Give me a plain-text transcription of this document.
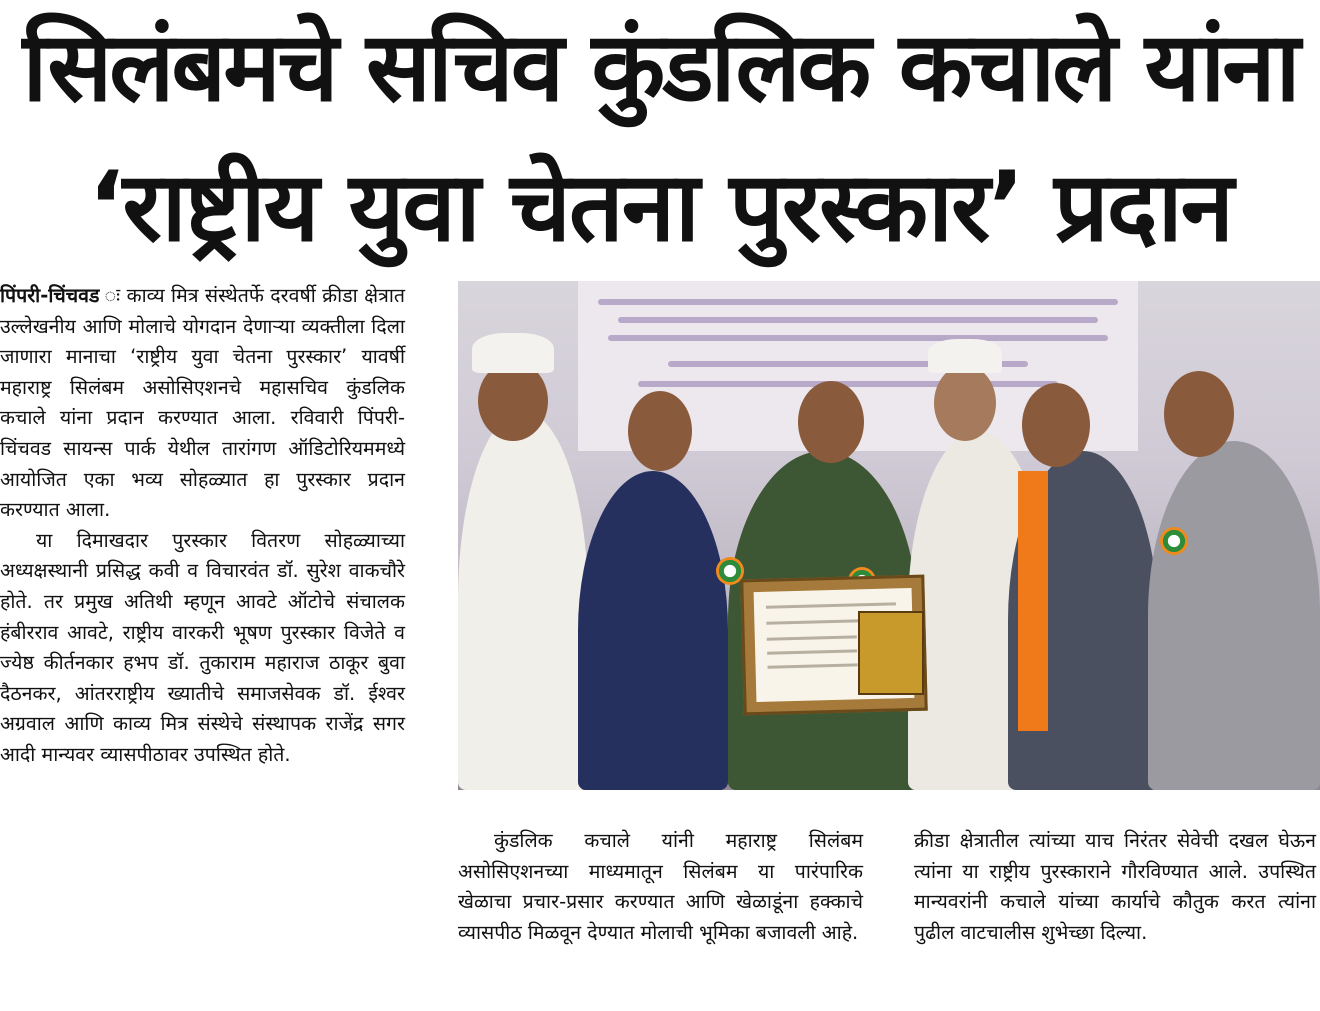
सिलंबमचे सचिव कुंडलिक कचाले यांना
‘राष्ट्रीय युवा चेतना पुरस्कार’ प्रदान

पिंपरी-चिंचवड ः काव्य मित्र संस्थेतर्फे दरवर्षी क्रीडा क्षेत्रात उल्लेखनीय आणि मोलाचे योगदान देणाऱ्या व्यक्तीला दिला जाणारा मानाचा ‘राष्ट्रीय युवा चेतना पुरस्कार’ यावर्षी महाराष्ट्र सिलंबम असोसिएशनचे महासचिव कुंडलिक कचाले यांना प्रदान करण्यात आला. रविवारी पिंपरी-चिंचवड सायन्स पार्क येथील तारांगण ऑडिटोरियममध्ये आयोजित एका भव्य सोहळ्यात हा पुरस्कार प्रदान करण्यात आला.

या दिमाखदार पुरस्कार वितरण सोहळ्याच्या अध्यक्षस्थानी प्रसिद्ध कवी व विचारवंत डॉ. सुरेश वाकचौरे होते. तर प्रमुख अतिथी म्हणून आवटे ऑटोचे संचालक हंबीरराव आवटे, राष्ट्रीय वारकरी भूषण पुरस्कार विजेते व ज्येष्ठ कीर्तनकार हभप डॉ. तुकाराम महाराज ठाकूर बुवा दैठनकर, आंतरराष्ट्रीय ख्यातीचे समाजसेवक डॉ. ईश्वर अग्रवाल आणि काव्य मित्र संस्थेचे संस्थापक राजेंद्र सगर आदी मान्यवर व्यासपीठावर उपस्थित होते.

कुंडलिक कचाले यांनी महाराष्ट्र सिलंबम असोसिएशनच्या माध्यमातून सिलंबम या पारंपारिक खेळाचा प्रचार-प्रसार करण्यात आणि खेळाडूंना हक्काचे व्यासपीठ मिळवून देण्यात मोलाची भूमिका बजावली आहे.

क्रीडा क्षेत्रातील त्यांच्या याच निरंतर सेवेची दखल घेऊन त्यांना या राष्ट्रीय पुरस्काराने गौरविण्यात आले. उपस्थित मान्यवरांनी कचाले यांच्या कार्याचे कौतुक करत त्यांना पुढील वाटचालीस शुभेच्छा दिल्या.
